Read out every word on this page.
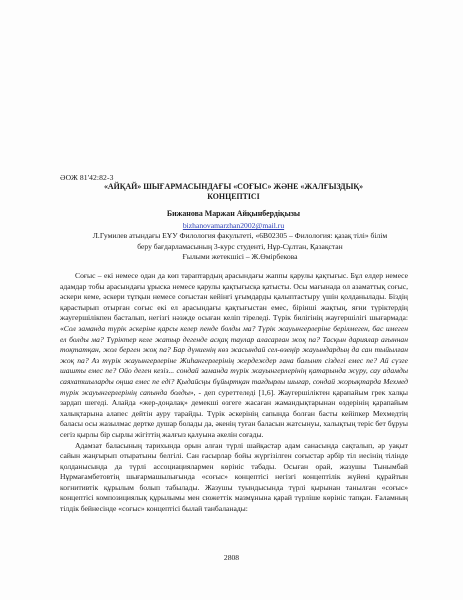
ӘОЖ 81'42:82-3
«АЙҚАЙ» ШЫҒАРМАСЫНДАҒЫ «СОҒЫС» ЖӘНЕ «ЖАЛҒЫЗДЫҚ»
КОНЦЕПТІСІ
Бижанова Маржан Айқынбердіқызы
bizhanovamarzhan2002@mail.ru
Л.Гумилев атындағы ЕҰУ Филология факультеті, «6В02305 – Филология: қазақ тілі» білім
беру бағдарламасының 3-курс студенті, Нұр-Сұлтан, Қазақстан
Ғылыми жетекшісі – Ж.Өмірбекова

Соғыс – екі немесе одан да көп тараптардың арасындағы жаппы қарулы қақтығыс. Бұл елдер немесе адамдар тобы арасындағы ұрыска немесе қарулы қақтығысқа қатысты. Осы мағынада ол азаматтық соғыс, әскери кеме, әскери тұтқын немесе соғыстан кейінгі ұғымдарды қалыптастыру үшін қолданылады. Біздің қарастырып отырған соғыс екі ел арасындағы қақтығыстан емес, бірінші жақтың, яғни түріктердің жаугершілікпен басталып, негізгі нәзжде осыған келіп тіреледі. Түрік билігінің жаугершілігі шығармада: «Сол заманда түрік әскеріне қарсы келер пенде болды ма? Түрік жауынгерлеріне берілмеген, бас имеген ел болды ма? Түріктер келе жатыр дегенде асқақ таулар аласарған жоқ па? Тасқын дариялар ағыннан тоқтатқан, жол берген жоқ па? Бар дүниенің көз жасындай сел-өзеңір жауындардың да сан тыйылған жоқ па? Аз түрік жауынгерлеріне Жиһангерлерінің жердеждер ғана бағынт сіздегі емес пе? Ай сүзге шашты емес пе? Ойо деген кезіз... сондай заманда түрік жауынгерлерінің қатарында жүру, сау адамды саяхатшыларды оңша емес пе еді? Қыдайсңы бұйыртқан тағдырлы шығар, сондай жорықтарда Мехмед түрік жауынгерлерінің сапында болды», - деп суреттеледі [1,6]. Жаугершіліктен қарапайым грек халқы зардап шегеді. Алайда «жер-доңалақ» демекші өзгеге жасаған жамандықтарынан өздерінің қарапайым халықтарына алапес дейтін ауру тарайды. Түрік әскерінің сапында болған басты кейіпкер Мехмедтің баласы осы жазылмас дертке душар болады да, әкенің туған баласын жатсынуы, халықтың теріс бет бұруы сегіз қырлы бір сырлы жігіттің жалғыз қалуына әкелін соғады.

Адамзат баласының тарихында орын алған түрлі шайқастар адам санасында сақталып, әр уақыт сайын жаңғырып отыратыны белгілі. Сан ғасырлар бойы жүргізілген соғыстар әрбір тіл иесінің тілінде қолданысында да түрлі ассоциациялармен көрініс табады. Осыған орай, жазушы Тынымбай Нұрмағамбетовтің шығармашылығында «соғыс» концептісі негізгі концептілік жүйені құрайтын когнитивтік құрылым болып табылады. Жазушы туындысында түрлі қырынан танылған «соғыс» концептісі композициялық құрылымы мен сюжеттік мазмұнына қарай түрліше көрініс тапқан. Ғаламның тілдік бейнесінде «соғыс» концептісі былай танбаланады:

2808
